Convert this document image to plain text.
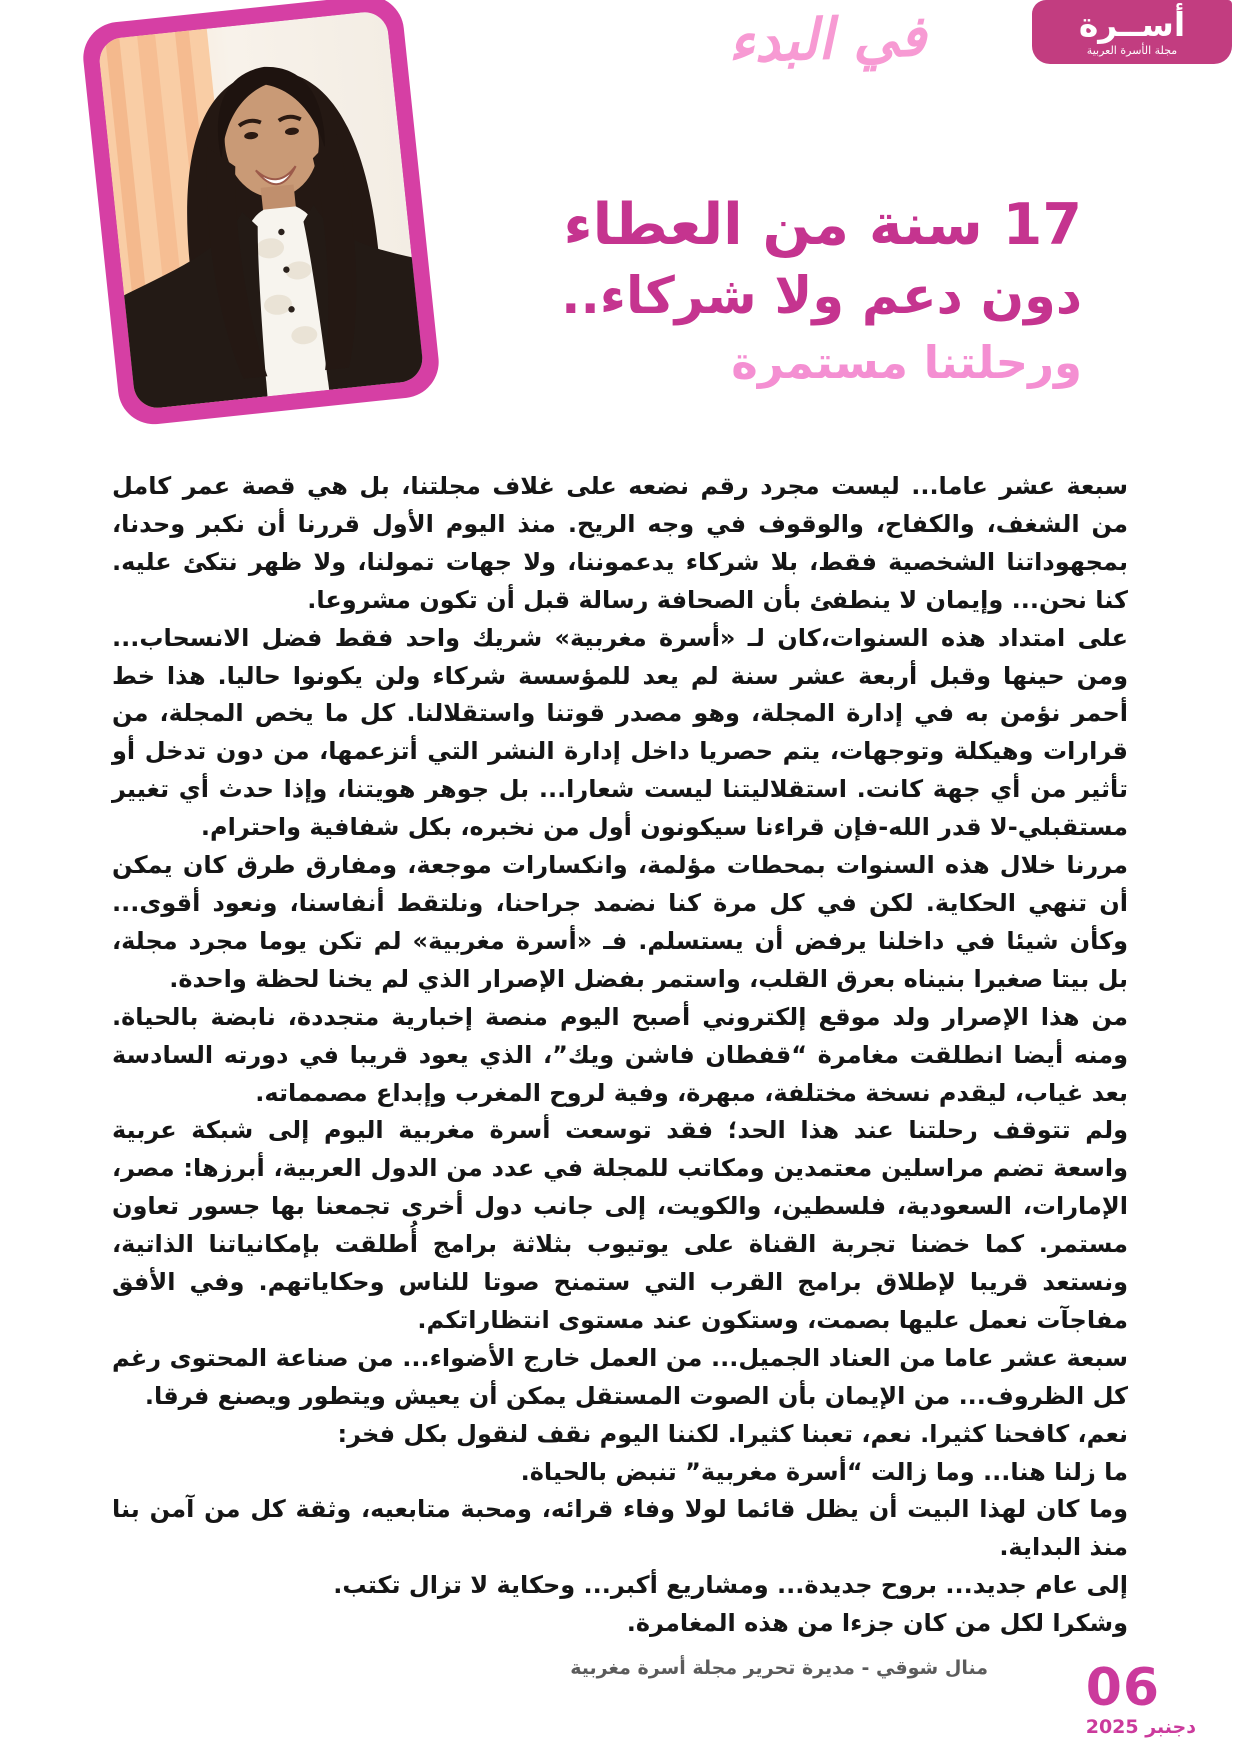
أســرة
مجلة الأسرة العربية
في البدء
17 سنة من العطاء
دون دعم ولا شركاء..
ورحلتنا مستمرة

سبعة عشر عاما... ليست مجرد رقم نضعه على غلاف مجلتنا، بل هي قصة عمر كامل من الشغف، والكفاح، والوقوف في وجه الريح. منذ اليوم الأول قررنا أن نكبر وحدنا، بمجهوداتنا الشخصية فقط، بلا شركاء يدعموننا، ولا جهات تمولنا، ولا ظهر نتكئ عليه. كنا نحن... وإيمان لا ينطفئ بأن الصحافة رسالة قبل أن تكون مشروعا.

على امتداد هذه السنوات،كان لـ «أسرة مغربية» شريك واحد فقط فضل الانسحاب... ومن حينها وقبل أربعة عشر سنة لم يعد للمؤسسة شركاء ولن يكونوا حاليا. هذا خط أحمر نؤمن به في إدارة المجلة، وهو مصدر قوتنا واستقلالنا. كل ما يخص المجلة، من قرارات وهيكلة وتوجهات، يتم حصريا داخل إدارة النشر التي أتزعمها، من دون تدخل أو تأثير من أي جهة كانت. استقلاليتنا ليست شعارا... بل جوهر هويتنا، وإذا حدث أي تغيير مستقبلي-لا قدر الله-فإن قراءنا سيكونون أول من نخبره، بكل شفافية واحترام.

مررنا خلال هذه السنوات بمحطات مؤلمة، وانكسارات موجعة، ومفارق طرق كان يمكن أن تنهي الحكاية. لكن في كل مرة كنا نضمد جراحنا، ونلتقط أنفاسنا، ونعود أقوى... وكأن شيئا في داخلنا يرفض أن يستسلم. فـ «أسرة مغربية» لم تكن يوما مجرد مجلة، بل بيتا صغيرا بنيناه بعرق القلب، واستمر بفضل الإصرار الذي لم يخنا لحظة واحدة.

من هذا الإصرار ولد موقع إلكتروني أصبح اليوم منصة إخبارية متجددة، نابضة بالحياة. ومنه أيضا انطلقت مغامرة “قفطان فاشن ويك”، الذي يعود قريبا في دورته السادسة بعد غياب، ليقدم نسخة مختلفة، مبهرة، وفية لروح المغرب وإبداع مصمماته.

ولم تتوقف رحلتنا عند هذا الحد؛ فقد توسعت أسرة مغربية اليوم إلى شبكة عربية واسعة تضم مراسلين معتمدين ومكاتب للمجلة في عدد من الدول العربية، أبرزها: مصر، الإمارات، السعودية، فلسطين، والكويت، إلى جانب دول أخرى تجمعنا بها جسور تعاون مستمر. كما خضنا تجربة القناة على يوتيوب بثلاثة برامج أُطلقت بإمكانياتنا الذاتية، ونستعد قريبا لإطلاق برامج القرب التي ستمنح صوتا للناس وحكاياتهم. وفي الأفق مفاجآت نعمل عليها بصمت، وستكون عند مستوى انتظاراتكم.

سبعة عشر عاما من العناد الجميل... من العمل خارج الأضواء... من صناعة المحتوى رغم كل الظروف... من الإيمان بأن الصوت المستقل يمكن أن يعيش ويتطور ويصنع فرقا.

نعم، كافحنا كثيرا. نعم، تعبنا كثيرا. لكننا اليوم نقف لنقول بكل فخر:

ما زلنا هنا... وما زالت “أسرة مغربية” تنبض بالحياة.

وما كان لهذا البيت أن يظل قائما لولا وفاء قرائه، ومحبة متابعيه، وثقة كل من آمن بنا منذ البداية.

إلى عام جديد... بروح جديدة... ومشاريع أكبر... وحكاية لا تزال تكتب.

وشكرا لكل من كان جزءا من هذه المغامرة.

منال شوقي - مديرة تحرير مجلة أسرة مغربية 06
دجنبر 2025
